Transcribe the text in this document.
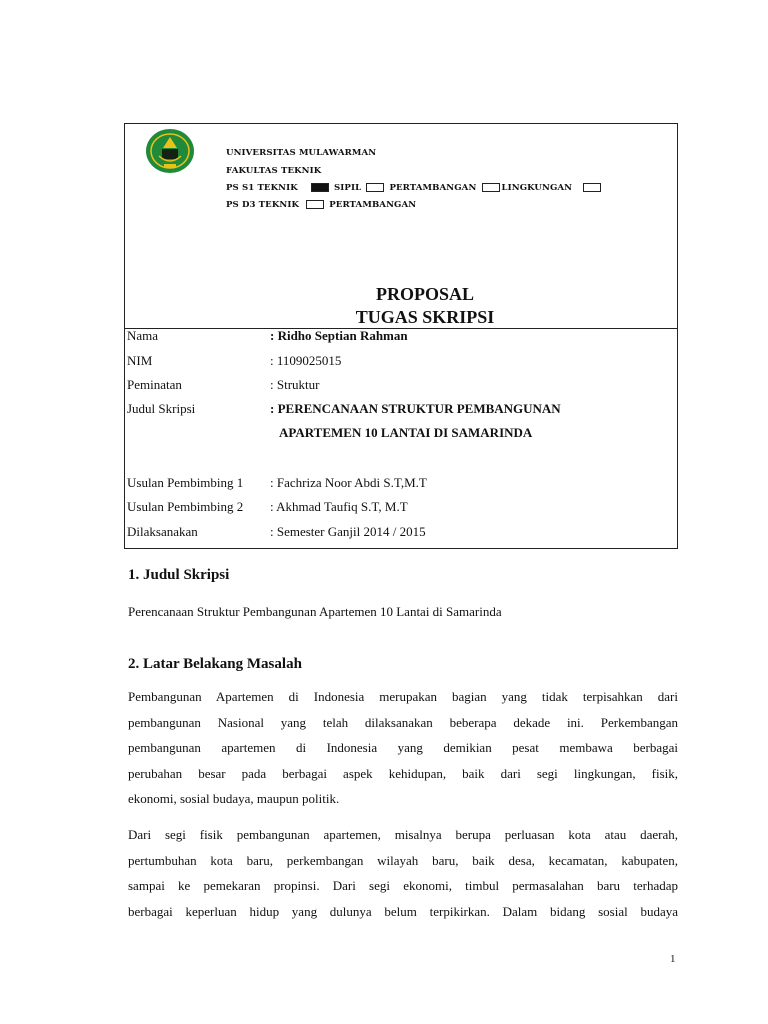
UNIVERSITAS MULAWARMAN
FAKULTAS TEKNIK
PS S1 TEKNIK	SIPIL	PERTAMBANGAN	LINGKUNGAN
PS D3 TEKNIK	PERTAMBANGAN
PROPOSAL
TUGAS SKRIPSI
Nama	: Ridho Septian Rahman
NIM	: 1109025015
Peminatan	: Struktur
Judul Skripsi	: PERENCANAAN STRUKTUR PEMBANGUNAN
APARTEMEN 10 LANTAI DI SAMARINDA
Usulan Pembimbing 1 : Fachriza Noor Abdi S.T,M.T
Usulan Pembimbing 2 : Akhmad Taufiq S.T, M.T
Dilaksanakan	: Semester Ganjil 2014 / 2015
1. Judul Skripsi
Perencanaan Struktur Pembangunan Apartemen 10 Lantai di Samarinda
2. Latar Belakang Masalah
Pembangunan Apartemen di Indonesia merupakan bagian yang tidak terpisahkan dari
pembangunan Nasional yang telah dilaksanakan beberapa dekade ini. Perkembangan
pembangunan apartemen di Indonesia yang demikian pesat membawa berbagai
perubahan besar pada berbagai aspek kehidupan, baik dari segi lingkungan, fisik,
ekonomi, sosial budaya, maupun politik.
Dari segi fisik pembangunan apartemen, misalnya berupa perluasan kota atau daerah,
pertumbuhan kota baru, perkembangan wilayah baru, baik desa, kecamatan, kabupaten,
sampai ke pemekaran propinsi. Dari segi ekonomi, timbul permasalahan baru terhadap
berbagai keperluan hidup yang dulunya belum terpikirkan. Dalam bidang sosial budaya
1
